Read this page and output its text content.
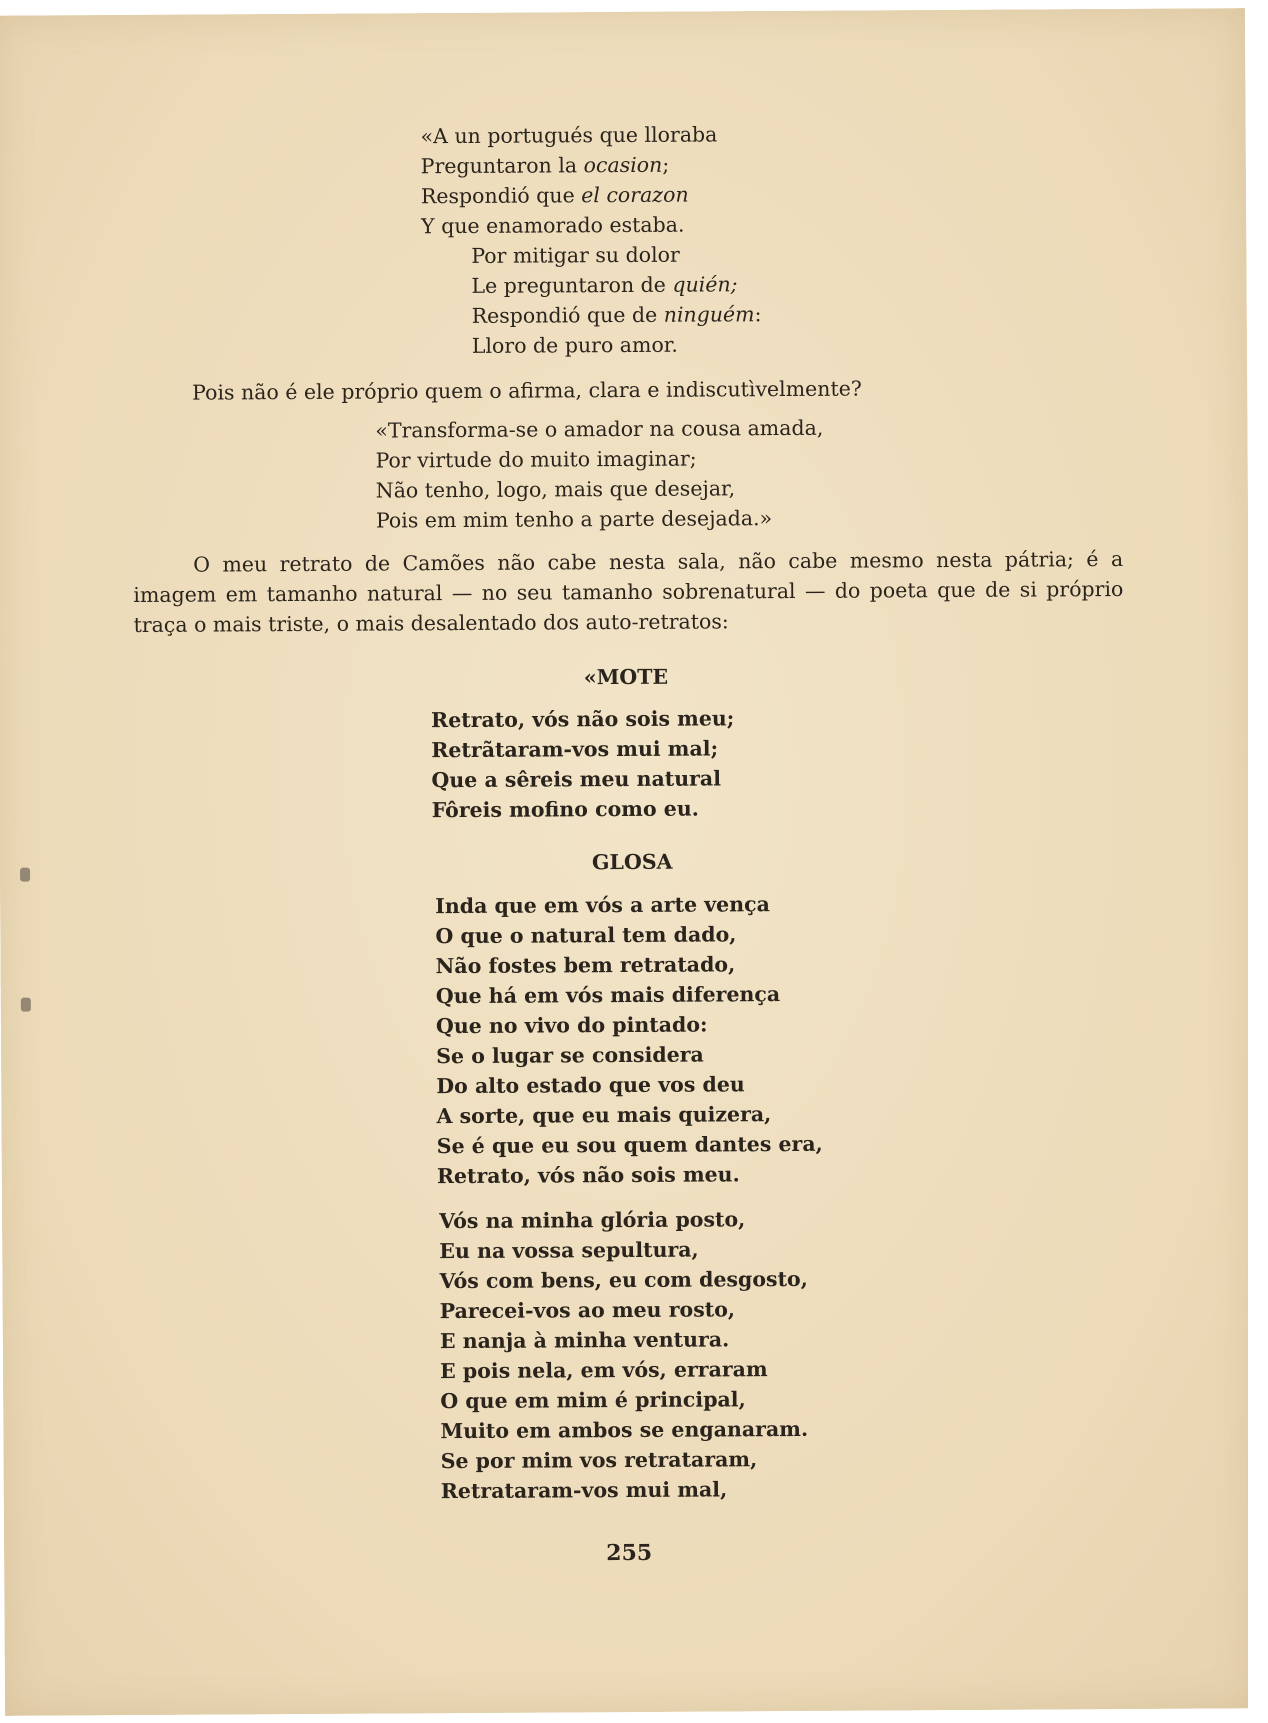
«A un portugués que lloraba
Preguntaron la ocasion;
Respondió que el corazon
Y que enamorado estaba.
Por mitigar su dolor
Le preguntaron de quién;
Respondió que de ninguém:
Lloro de puro amor.
Pois não é ele próprio quem o afirma, clara e indiscutìvelmente?
«Transforma-se o amador na cousa amada,
Por virtude do muito imaginar;
Não tenho, logo, mais que desejar,
Pois em mim tenho a parte desejada.»
O meu retrato de Camões não cabe nesta sala, não cabe mesmo nesta pátria; é a imagem em tamanho natural — no seu tamanho sobrenatural — do poeta que de si próprio traça o mais triste, o mais desalentado dos auto-retratos:
«MOTE
Retrato, vós não sois meu;
Retrãtaram-vos mui mal;
Que a sêreis meu natural
Fôreis mofino como eu.
GLOSA
Inda que em vós a arte vença
O que o natural tem dado,
Não fostes bem retratado,
Que há em vós mais diferença
Que no vivo do pintado:
Se o lugar se considera
Do alto estado que vos deu
A sorte, que eu mais quizera,
Se é que eu sou quem dantes era,
Retrato, vós não sois meu.
Vós na minha glória posto,
Eu na vossa sepultura,
Vós com bens, eu com desgosto,
Parecei-vos ao meu rosto,
E nanja à minha ventura.
E pois nela, em vós, erraram
O que em mim é principal,
Muito em ambos se enganaram.
Se por mim vos retrataram,
Retrataram-vos mui mal,
255
